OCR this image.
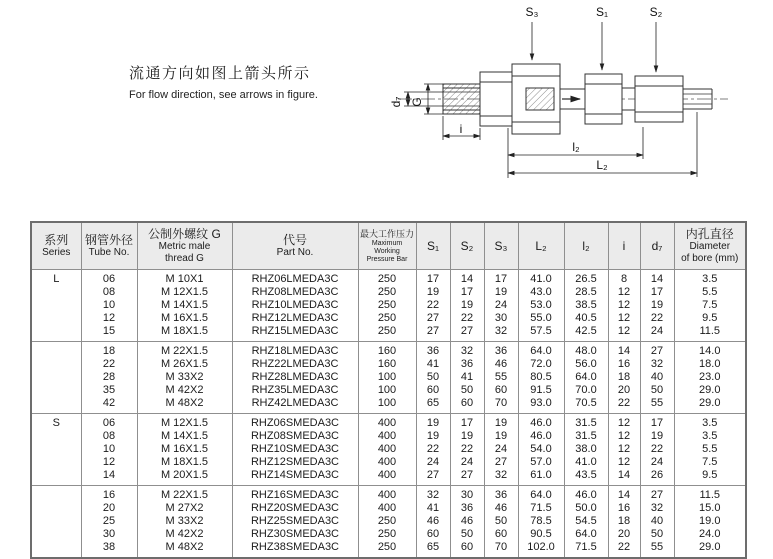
流通方向如图上箭头所示
For flow direction, see arrows in figure.
S₃	S₁	S₂
d₇ G
i
l₂
L₂
系列
Series

钢管外径
Tube No.

公制外螺纹 G
Metric male
thread G

代号
Part No.

最大工作压力
Maximum Working
Pressure Bar

S₁	S₂	S₃	L₂	l₂	i	d₇

内孔直径
Diameter
of bore (mm)

L	06	M 10X1	RHZ06LMEDA3C	250	17	14	17	41.0	26.5	8	14	3.5
	08	M 12X1.5	RHZ08LMEDA3C	250	19	17	19	43.0	28.5	12	17	5.5
	10	M 14X1.5	RHZ10LMEDA3C	250	22	19	24	53.0	38.5	12	19	7.5
	12	M 16X1.5	RHZ12LMEDA3C	250	27	22	30	55.0	40.5	12	22	9.5
	15	M 18X1.5	RHZ15LMEDA3C	250	27	27	32	57.5	42.5	12	24	11.5
	18	M 22X1.5	RHZ18LMEDA3C	160	36	32	36	64.0	48.0	14	27	14.0
	22	M 26X1.5	RHZ22LMEDA3C	160	41	36	46	72.0	56.0	16	32	18.0
	28	M 33X2	RHZ28LMEDA3C	100	50	41	55	80.5	64.0	18	40	23.0
	35	M 42X2	RHZ35LMEDA3C	100	60	50	60	91.5	70.0	20	50	29.0
	42	M 48X2	RHZ42LMEDA3C	100	65	60	70	93.0	70.5	22	55	29.0
S	06	M 12X1.5	RHZ06SMEDA3C	400	19	17	19	46.0	31.5	12	17	3.5
	08	M 14X1.5	RHZ08SMEDA3C	400	19	19	19	46.0	31.5	12	19	3.5
	10	M 16X1.5	RHZ10SMEDA3C	400	22	22	24	54.0	38.0	12	22	5.5
	12	M 18X1.5	RHZ12SMEDA3C	400	24	24	27	57.0	41.0	12	24	7.5
	14	M 20X1.5	RHZ14SMEDA3C	400	27	27	32	61.0	43.5	14	26	9.5
	16	M 22X1.5	RHZ16SMEDA3C	400	32	30	36	64.0	46.0	14	27	11.5
	20	M 27X2	RHZ20SMEDA3C	400	41	36	46	71.5	50.0	16	32	15.0
	25	M 33X2	RHZ25SMEDA3C	250	46	46	50	78.5	54.5	18	40	19.0
	30	M 42X2	RHZ30SMEDA3C	250	60	50	60	90.5	64.0	20	50	24.0
	38	M 48X2	RHZ38SMEDA3C	250	65	60	70	102.0	71.5	22	55	29.0
